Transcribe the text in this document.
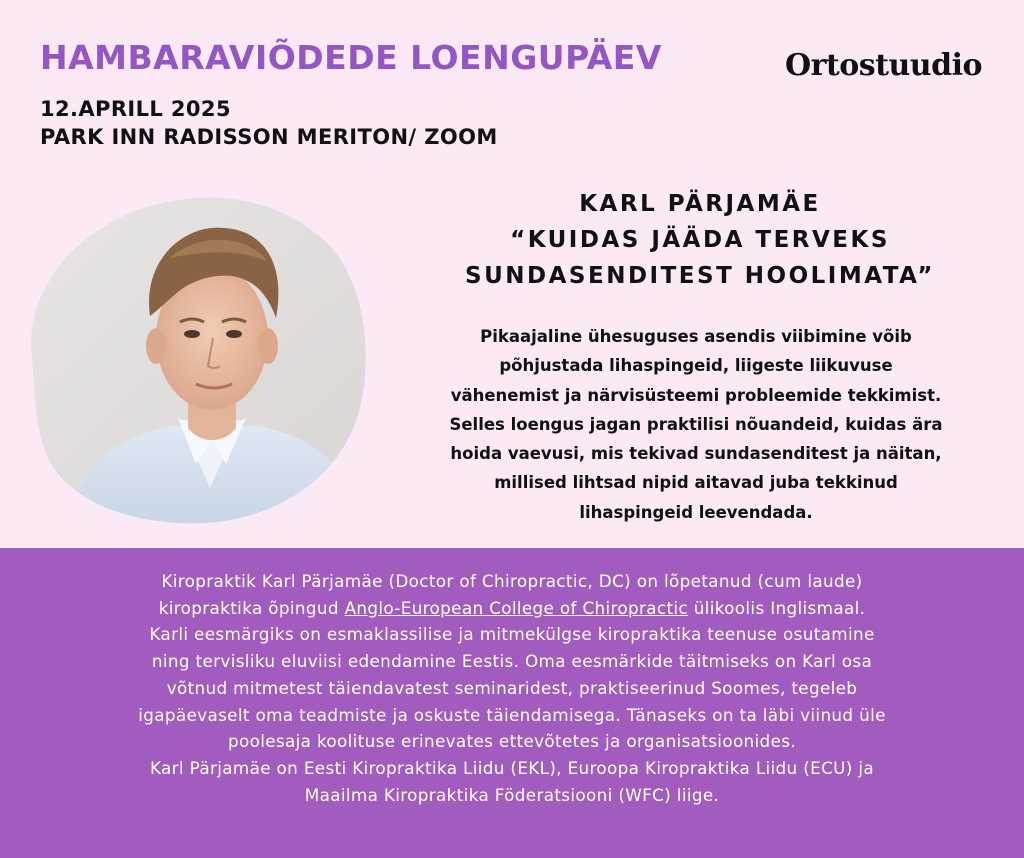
HAMBARAVIÕDEDE LOENGUPÄEV
12.APRILL 2025
PARK INN RADISSON MERITON/ ZOOM
Ortostuudio
KARL PÄRJAMÄE
“KUIDAS JÄÄDA TERVEKS
SUNDASENDITEST HOOLIMATA”
Pikaajaline ühesuguses asendis viibimine võib
põhjustada lihaspingeid, liigeste liikuvuse
vähenemist ja närvisüsteemi probleemide tekkimist.
Selles loengus jagan praktilisi nõuandeid, kuidas ära
hoida vaevusi, mis tekivad sundasenditest ja näitan,
millised lihtsad nipid aitavad juba tekkinud
lihaspingeid leevendada.
Kiropraktik Karl Pärjamäe (Doctor of Chiropractic, DC) on lõpetanud (cum laude)
kiropraktika õpingud Anglo-European College of Chiropractic ülikoolis Inglismaal.
Karli eesmärgiks on esmaklassilise ja mitmekülgse kiropraktika teenuse osutamine
ning tervisliku eluviisi edendamine Eestis. Oma eesmärkide täitmiseks on Karl osa
võtnud mitmetest täiendavatest seminaridest, praktiseerinud Soomes, tegeleb
igapäevaselt oma teadmiste ja oskuste täiendamisega. Tänaseks on ta läbi viinud üle
poolesaja koolituse erinevates ettevõtetes ja organisatsioonides.
Karl Pärjamäe on Eesti Kiropraktika Liidu (EKL), Euroopa Kiropraktika Liidu (ECU) ja
Maailma Kiropraktika Föderatsiooni (WFC) liige.
